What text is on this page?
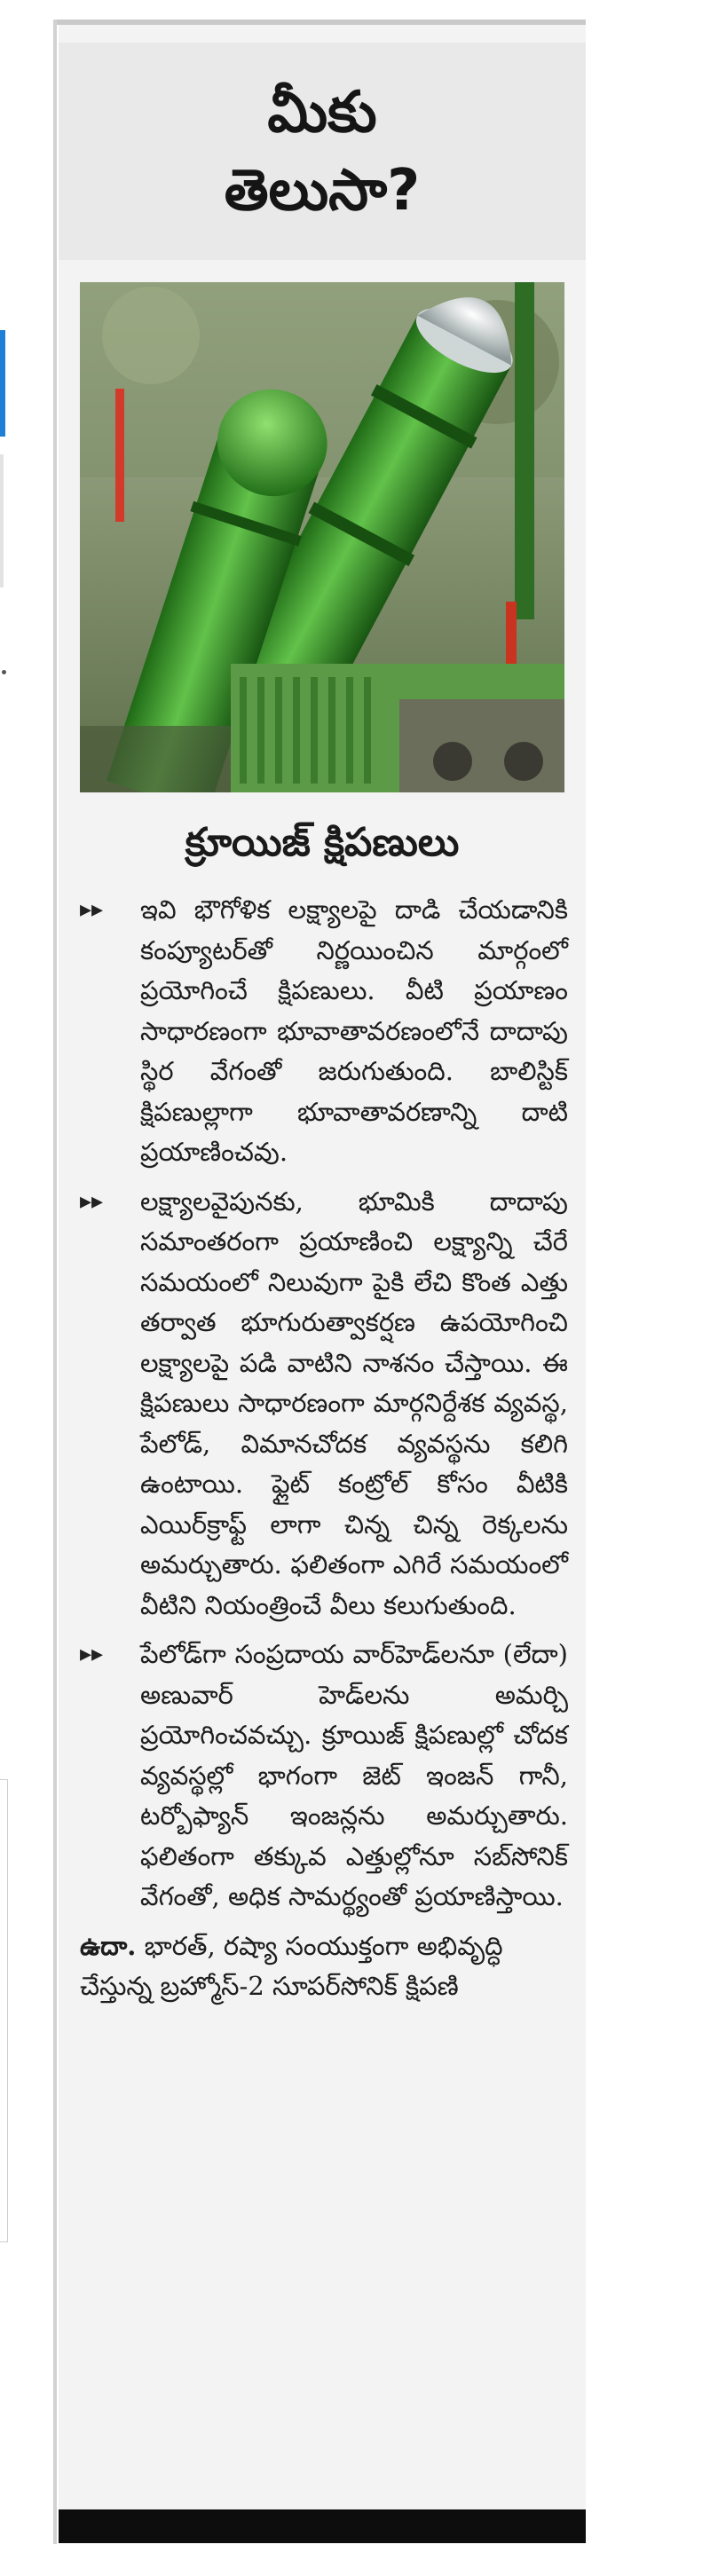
మీకు
తెలుసా?
క్రూయిజ్ క్షిపణులు

▸▸ ఇవి భౌగోళిక లక్ష్యాలపై దాడి చేయడానికి కంప్యూటర్‌తో నిర్ణయించిన మార్గంలో ప్రయోగించే క్షిపణులు. వీటి ప్రయాణం సాధారణంగా భూవాతావరణంలోనే దాదాపు స్థిర వేగంతో జరుగుతుంది. బాలిస్టిక్ క్షిపణుల్లాగా భూవాతావరణాన్ని దాటి ప్రయాణించవు.

▸▸ లక్ష్యాలవైపునకు, భూమికి దాదాపు సమాంతరంగా ప్రయాణించి లక్ష్యాన్ని చేరే సమయంలో నిలువుగా పైకి లేచి కొంత ఎత్తు తర్వాత భూగురుత్వాకర్షణ ఉపయోగించి లక్ష్యాలపై పడి వాటిని నాశనం చేస్తాయి. ఈ క్షిపణులు సాధారణంగా మార్గనిర్దేశక వ్యవస్థ, పేలోడ్, విమానచోదక వ్యవస్థను కలిగి ఉంటాయి. ఫ్లైట్ కంట్రోల్ కోసం వీటికి ఎయిర్‌క్రాఫ్ట్ లాగా చిన్న చిన్న రెక్కలను అమర్చుతారు. ఫలితంగా ఎగిరే సమయంలో వీటిని నియంత్రించే వీలు కలుగుతుంది.

▸▸ పేలోడ్‌గా సంప్రదాయ వార్‌హెడ్‌లనూ (లేదా) అణువార్ హెడ్‌లను అమర్చి ప్రయోగించవచ్చు. క్రూయిజ్ క్షిపణుల్లో చోదక వ్యవస్థల్లో భాగంగా జెట్ ఇంజన్ గానీ, టర్బోఫ్యాన్ ఇంజన్లను అమర్చుతారు. ఫలితంగా తక్కువ ఎత్తుల్లోనూ సబ్‌సోనిక్ వేగంతో, అధిక సామర్థ్యంతో ప్రయాణిస్తాయి.

ఉదా. భారత్, రష్యా సంయుక్తంగా అభివృద్ధి చేస్తున్న బ్రహ్మోస్-2 సూపర్‌సోనిక్ క్షిపణి
